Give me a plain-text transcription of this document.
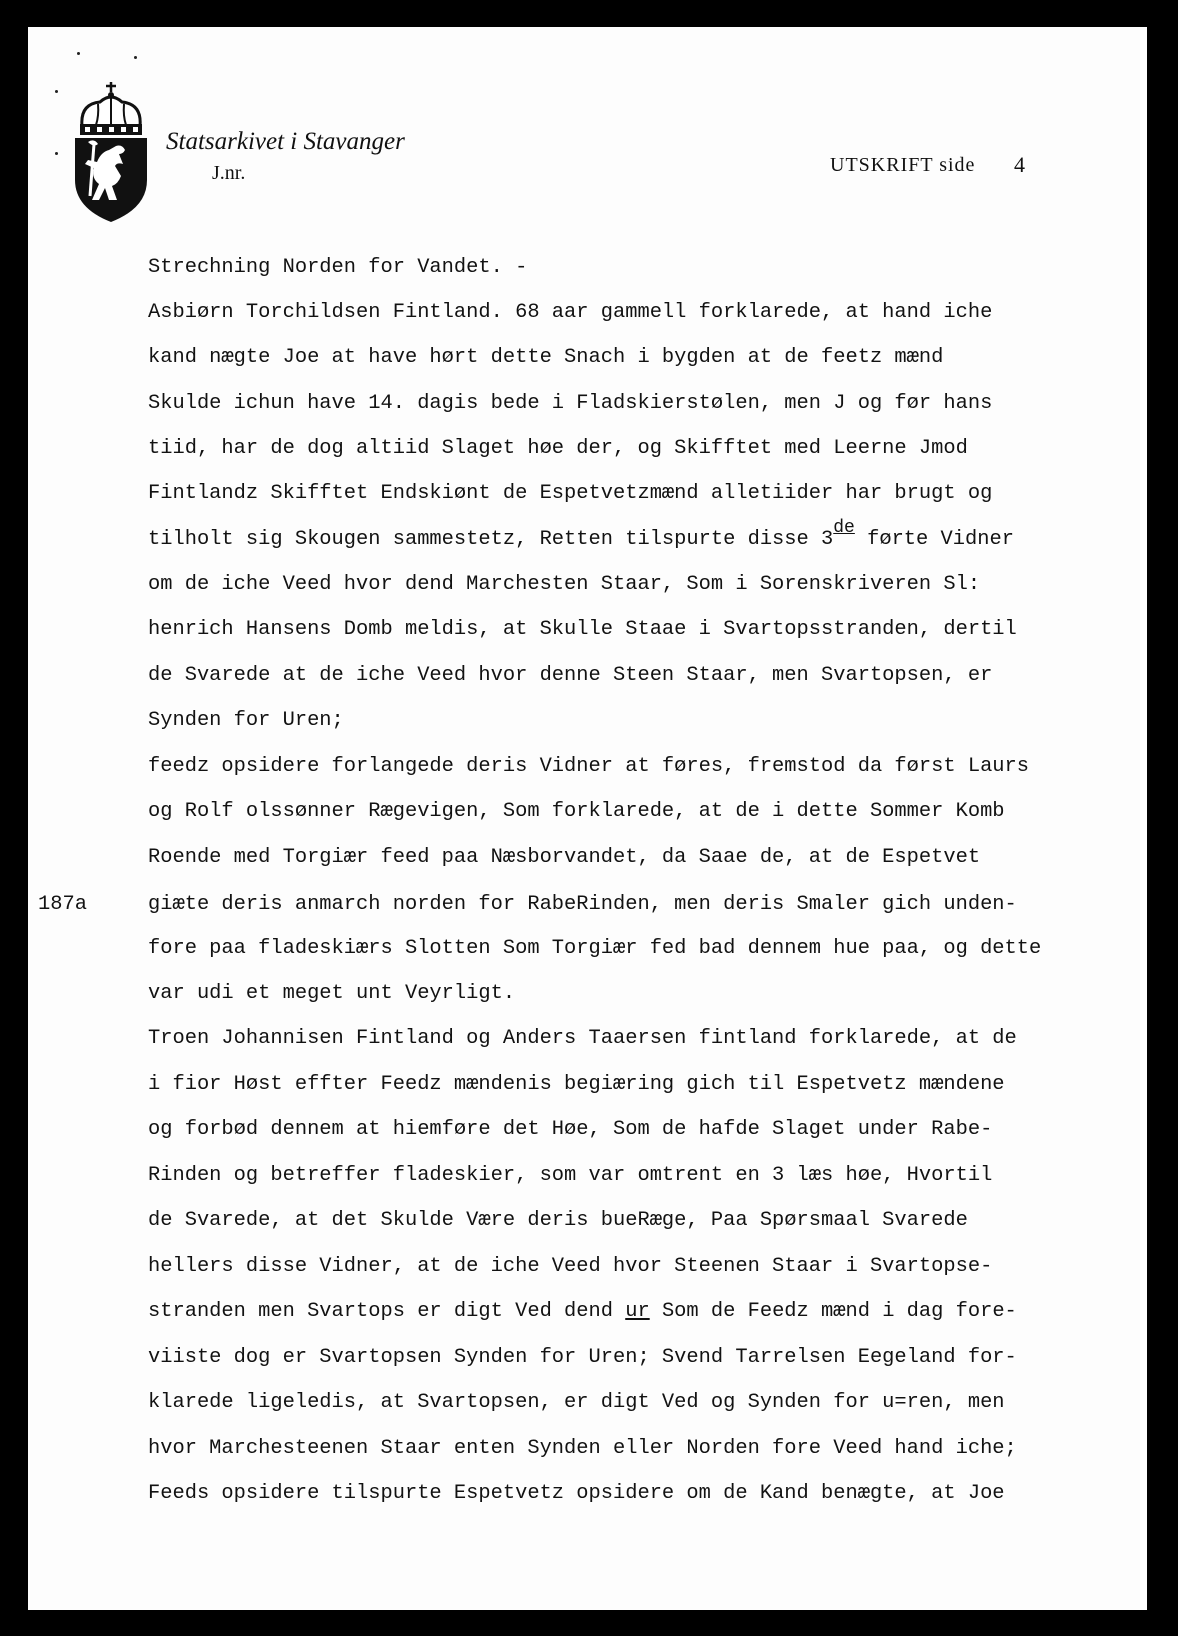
Statsarkivet i Stavanger
J.nr.	UTSKRIFT side 4
187a
Strechning Norden for Vandet. -
Asbiørn Torchildsen Fintland. 68 aar gammell forklarede, at hand iche
kand nægte Joe at have hørt dette Snach i bygden at de feetz mænd
Skulde ichun have 14. dagis bede i Fladskierstølen, men J og før hans
tiid, har de dog altiid Slaget høe der, og Skifftet med Leerne Jmod
Fintlandz Skifftet Endskiønt de Espetvetzmænd alletiider har brugt og
tilholt sig Skougen sammestetz, Retten tilspurte disse 3de førte Vidner
om de iche Veed hvor dend Marchesten Staar, Som i Sorenskriveren Sl:
henrich Hansens Domb meldis, at Skulle Staae i Svartopsstranden, dertil
de Svarede at de iche Veed hvor denne Steen Staar, men Svartopsen, er
Synden for Uren;
feedz opsidere forlangede deris Vidner at føres, fremstod da først Laurs
og Rolf olssønner Rægevigen, Som forklarede, at de i dette Sommer Komb
Roende med Torgiær feed paa Næsborvandet, da Saae de, at de Espetvet
giæte deris anmarch norden for RabeRinden, men deris Smaler gich unden-
fore paa fladeskiærs Slotten Som Torgiær fed bad dennem hue paa, og dette
var udi et meget unt Veyrligt.
Troen Johannisen Fintland og Anders Taaersen fintland forklarede, at de
i fior Høst effter Feedz mændenis begiæring gich til Espetvetz mændene
og forbød dennem at hiemføre det Høe, Som de hafde Slaget under Rabe-
Rinden og betreffer fladeskier, som var omtrent en 3 læs høe, Hvortil
de Svarede, at det Skulde Være deris bueRæge, Paa Spørsmaal Svarede
hellers disse Vidner, at de iche Veed hvor Steenen Staar i Svartopse-
stranden men Svartops er digt Ved dend ur Som de Feedz mænd i dag fore-
viiste dog er Svartopsen Synden for Uren; Svend Tarrelsen Eegeland for-
klarede ligeledis, at Svartopsen, er digt Ved og Synden for u=ren, men
hvor Marchesteenen Staar enten Synden eller Norden fore Veed hand iche;
Feeds opsidere tilspurte Espetvetz opsidere om de Kand benægte, at Joe
